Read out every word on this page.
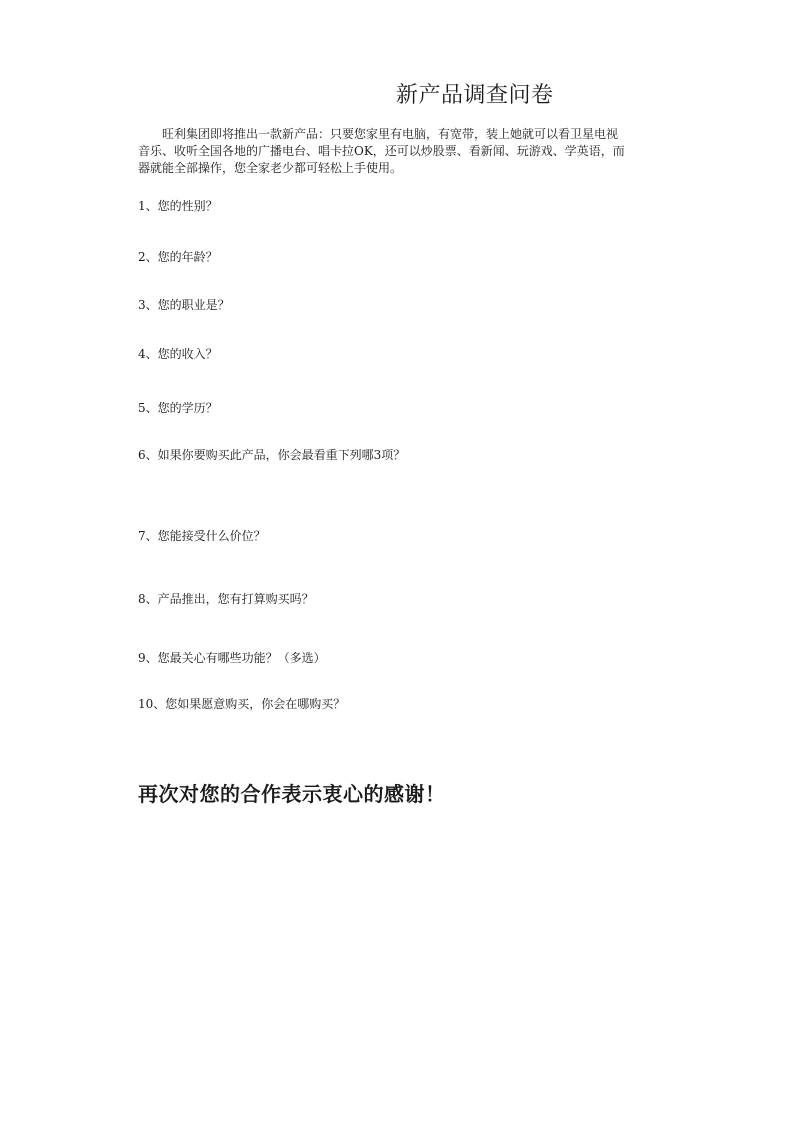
新产品调查问卷
旺利集团即将推出一款新产品：只要您家里有电脑，有宽带，装上她就可以看卫星电视
音乐、收听全国各地的广播电台、唱卡拉OK，还可以炒股票、看新闻、玩游戏、学英语，而
器就能全部操作，您全家老少都可轻松上手使用。
1、您的性别？
2、您的年龄？
3、您的职业是？
4、您的收入？
5、您的学历？
6、如果你要购买此产品，你会最看重下列哪3项？
7、您能接受什么价位？
8、产品推出，您有打算购买吗？
9、您最关心有哪些功能？（多选）
10、您如果愿意购买，你会在哪购买？
再次对您的合作表示衷心的感谢！
